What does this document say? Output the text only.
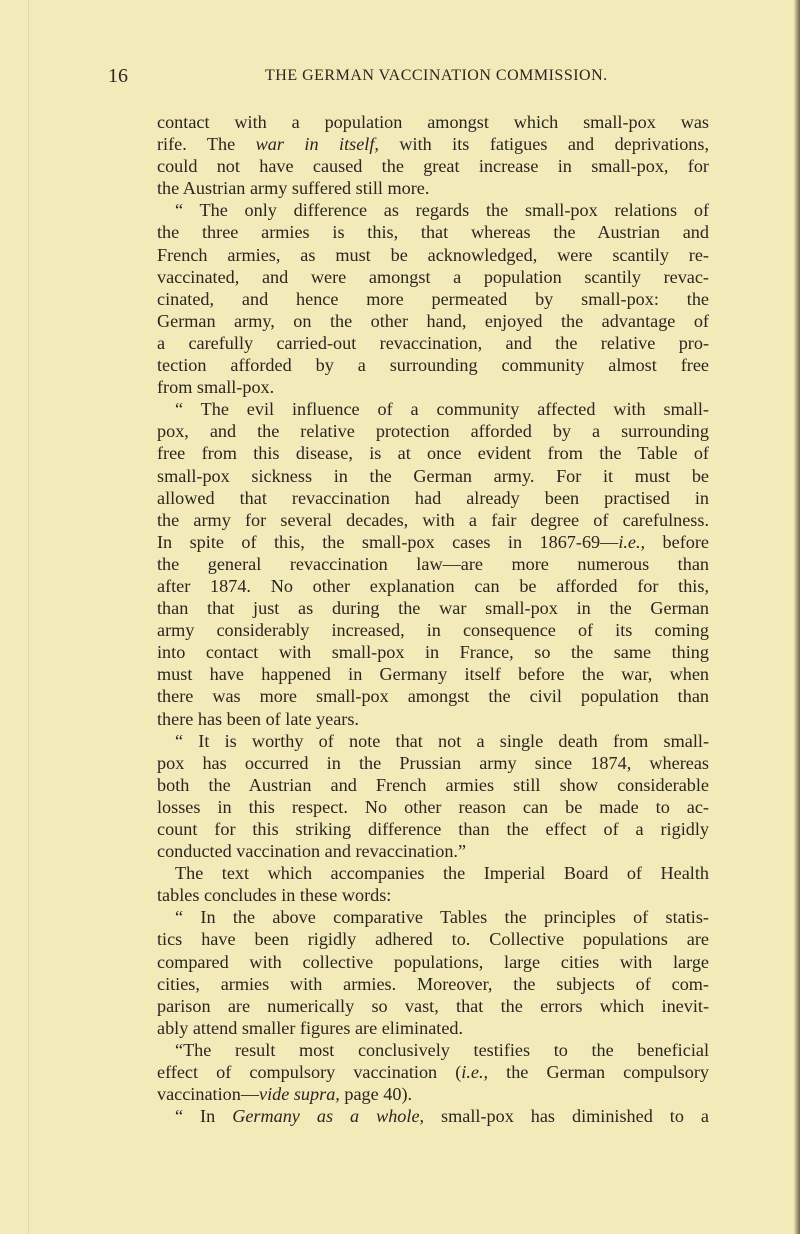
16	THE GERMAN VACCINATION COMMISSION.
contact with a population amongst which small-pox was
rife. The war in itself, with its fatigues and deprivations,
could not have caused the great increase in small-pox, for
the Austrian army suffered still more.
“ The only difference as regards the small-pox relations of
the three armies is this, that whereas the Austrian and
French armies, as must be acknowledged, were scantily re-
vaccinated, and were amongst a population scantily revac-
cinated, and hence more permeated by small-pox: the
German army, on the other hand, enjoyed the advantage of
a carefully carried-out revaccination, and the relative pro-
tection afforded by a surrounding community almost free
from small-pox.
“ The evil influence of a community affected with small-
pox, and the relative protection afforded by a surrounding
free from this disease, is at once evident from the Table of
small-pox sickness in the German army. For it must be
allowed that revaccination had already been practised in
the army for several decades, with a fair degree of carefulness.
In spite of this, the small-pox cases in 1867-69—i.e., before
the general revaccination law—are more numerous than
after 1874. No other explanation can be afforded for this,
than that just as during the war small-pox in the German
army considerably increased, in consequence of its coming
into contact with small-pox in France, so the same thing
must have happened in Germany itself before the war, when
there was more small-pox amongst the civil population than
there has been of late years.
“ It is worthy of note that not a single death from small-
pox has occurred in the Prussian army since 1874, whereas
both the Austrian and French armies still show considerable
losses in this respect. No other reason can be made to ac-
count for this striking difference than the effect of a rigidly
conducted vaccination and revaccination.”
The text which accompanies the Imperial Board of Health
tables concludes in these words:
“ In the above comparative Tables the principles of statis-
tics have been rigidly adhered to. Collective populations are
compared with collective populations, large cities with large
cities, armies with armies. Moreover, the subjects of com-
parison are numerically so vast, that the errors which inevit-
ably attend smaller figures are eliminated.
“The result most conclusively testifies to the beneficial
effect of compulsory vaccination (i.e., the German compulsory
vaccination—vide supra, page 40).
“ In Germany as a whole, small-pox has diminished to a
